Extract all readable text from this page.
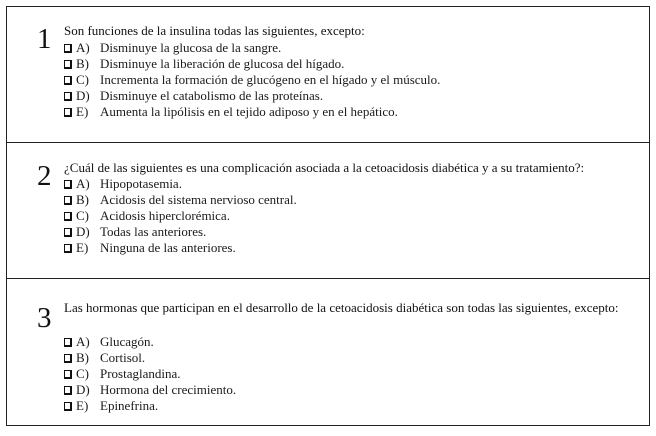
1 Son funciones de la insulina todas las siguientes, excepto:
A) Disminuye la glucosa de la sangre.
B) Disminuye la liberación de glucosa del hígado.
C) Incrementa la formación de glucógeno en el hígado y el músculo.
D) Disminuye el catabolismo de las proteínas.
E) Aumenta la lipólisis en el tejido adiposo y en el hepático.
2 ¿Cuál de las siguientes es una complicación asociada a la cetoacidosis diabética y a su tratamiento?:
A) Hipopotasemia.
B) Acidosis del sistema nervioso central.
C) Acidosis hiperclorémica.
D) Todas las anteriores.
E) Ninguna de las anteriores.
3 Las hormonas que participan en el desarrollo de la cetoacidosis diabética son todas las siguientes, excepto:
A) Glucagón.
B) Cortisol.
C) Prostaglandina.
D) Hormona del crecimiento.
E) Epinefrina.
